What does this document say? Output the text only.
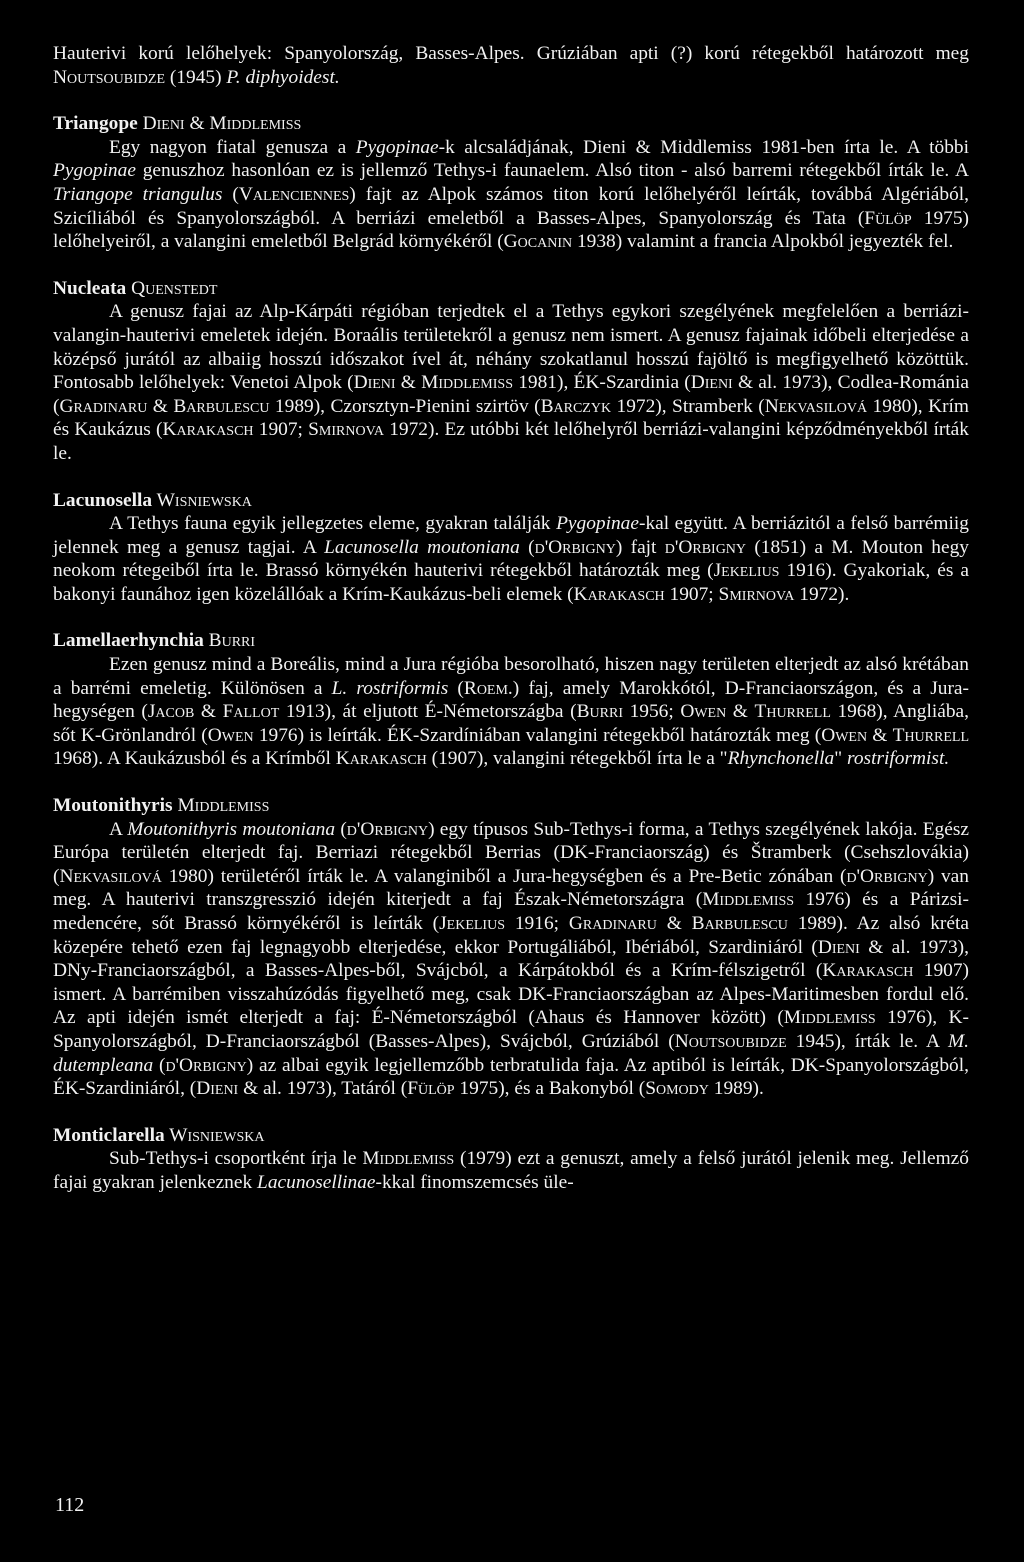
Hauterivi korú lelőhelyek: Spanyolország, Basses-Alpes. Grúziában apti (?) korú rétegekből határozott meg Noutsoubidze (1945) P. diphyoidest.

Triangope Dieni & Middlemiss

Egy nagyon fiatal genusza a Pygopinae-k alcsaládjának, Dieni & Middlemiss 1981-ben írta le. A többi Pygopinae genuszhoz hasonlóan ez is jellemző Tethys-i faunaelem. Alsó titon - alsó barremi rétegekből írták le. A Triangope triangulus (Valenciennes) fajt az Alpok számos titon korú lelőhelyéről leírták, továbbá Algériából, Szicíliából és Spanyolországból. A berriázi emeletből a Basses-Alpes, Spanyolország és Tata (Fülöp 1975) lelőhelyeiről, a valangini emeletből Belgrád környékéről (Gocanin 1938) valamint a francia Alpokból jegyezték fel.

Nucleata Quenstedt

A genusz fajai az Alp-Kárpáti régióban terjedtek el a Tethys egykori szegélyének megfelelően a berriázi-valangin-hauterivi emeletek idején. Boraális területekről a genusz nem ismert. A genusz fajainak időbeli elterjedése a középső jurától az albaiig hosszú időszakot ível át, néhány szokatlanul hosszú fajöltő is megfigyelhető közöttük. Fontosabb lelőhelyek: Venetoi Alpok (Dieni & Middlemiss 1981), ÉK-Szardinia (Dieni & al. 1973), Codlea-Románia (Gradinaru & Barbulescu 1989), Czorsztyn-Pienini szirtöv (Barczyk 1972), Stramberk (Nekvasilová 1980), Krím és Kaukázus (Karakasch 1907; Smirnova 1972). Ez utóbbi két lelőhelyről berriázi-valangini képződményekből írták le.

Lacunosella Wisniewska

A Tethys fauna egyik jellegzetes eleme, gyakran találják Pygopinae-kal együtt. A berriázitól a felső barrémiig jelennek meg a genusz tagjai. A Lacunosella moutoniana (d'Orbigny) fajt d'Orbigny (1851) a M. Mouton hegy neokom rétegeiből írta le. Brassó környékén hauterivi rétegekből határozták meg (Jekelius 1916). Gyakoriak, és a bakonyi faunához igen közelállóak a Krím-Kaukázus-beli elemek (Karakasch 1907; Smirnova 1972).

Lamellaerhynchia Burri

Ezen genusz mind a Boreális, mind a Jura régióba besorolható, hiszen nagy területen elterjedt az alsó krétában a barrémi emeletig. Különösen a L. rostriformis (Roem.) faj, amely Marokkótól, D-Franciaországon, és a Jura-hegységen (Jacob & Fallot 1913), át eljutott É-Németországba (Burri 1956; Owen & Thurrell 1968), Angliába, sőt K-Grönlandról (Owen 1976) is leírták. ÉK-Szardíniában valangini rétegekből határozták meg (Owen & Thurrell 1968). A Kaukázusból és a Krímből Karakasch (1907), valangini rétegekből írta le a "Rhynchonella" rostriformist.

Moutonithyris Middlemiss

A Moutonithyris moutoniana (d'Orbigny) egy típusos Sub-Tethys-i forma, a Tethys szegélyének lakója. Egész Európa területén elterjedt faj. Berriazi rétegekből Berrias (DK-Franciaország) és Štramberk (Csehszlovákia) (Nekvasilová 1980) területéről írták le. A valanginiből a Jura-hegységben és a Pre-Betic zónában (d'Orbigny) van meg. A hauterivi transzgresszió idején kiterjedt a faj Észak-Németországra (Middlemiss 1976) és a Párizsi-medencére, sőt Brassó környékéről is leírták (Jekelius 1916; Gradinaru & Barbulescu 1989). Az alsó kréta közepére tehető ezen faj legnagyobb elterjedése, ekkor Portugáliából, Ibériából, Szardiniáról (Dieni & al. 1973), DNy-Franciaországból, a Basses-Alpes-ből, Svájcból, a Kárpátokból és a Krím-félszigetről (Karakasch 1907) ismert. A barrémiben visszahúzódás figyelhető meg, csak DK-Franciaországban az Alpes-Maritimesben fordul elő. Az apti idején ismét elterjedt a faj: É-Németországból (Ahaus és Hannover között) (Middlemiss 1976), K-Spanyolországból, D-Franciaországból (Basses-Alpes), Svájcból, Grúziából (Noutsoubidze 1945), írták le. A M. dutempleana (d'Orbigny) az albai egyik legjellemzőbb terbratulida faja. Az aptiból is leírták, DK-Spanyolországból, ÉK-Szardiniáról, (Dieni & al. 1973), Tatáról (Fülöp 1975), és a Bakonyból (Somody 1989).

Monticlarella Wisniewska

Sub-Tethys-i csoportként írja le Middlemiss (1979) ezt a genuszt, amely a felső jurától jelenik meg. Jellemző fajai gyakran jelenkeznek Lacunosellinae-kkal finomszemcsés üle-

112
